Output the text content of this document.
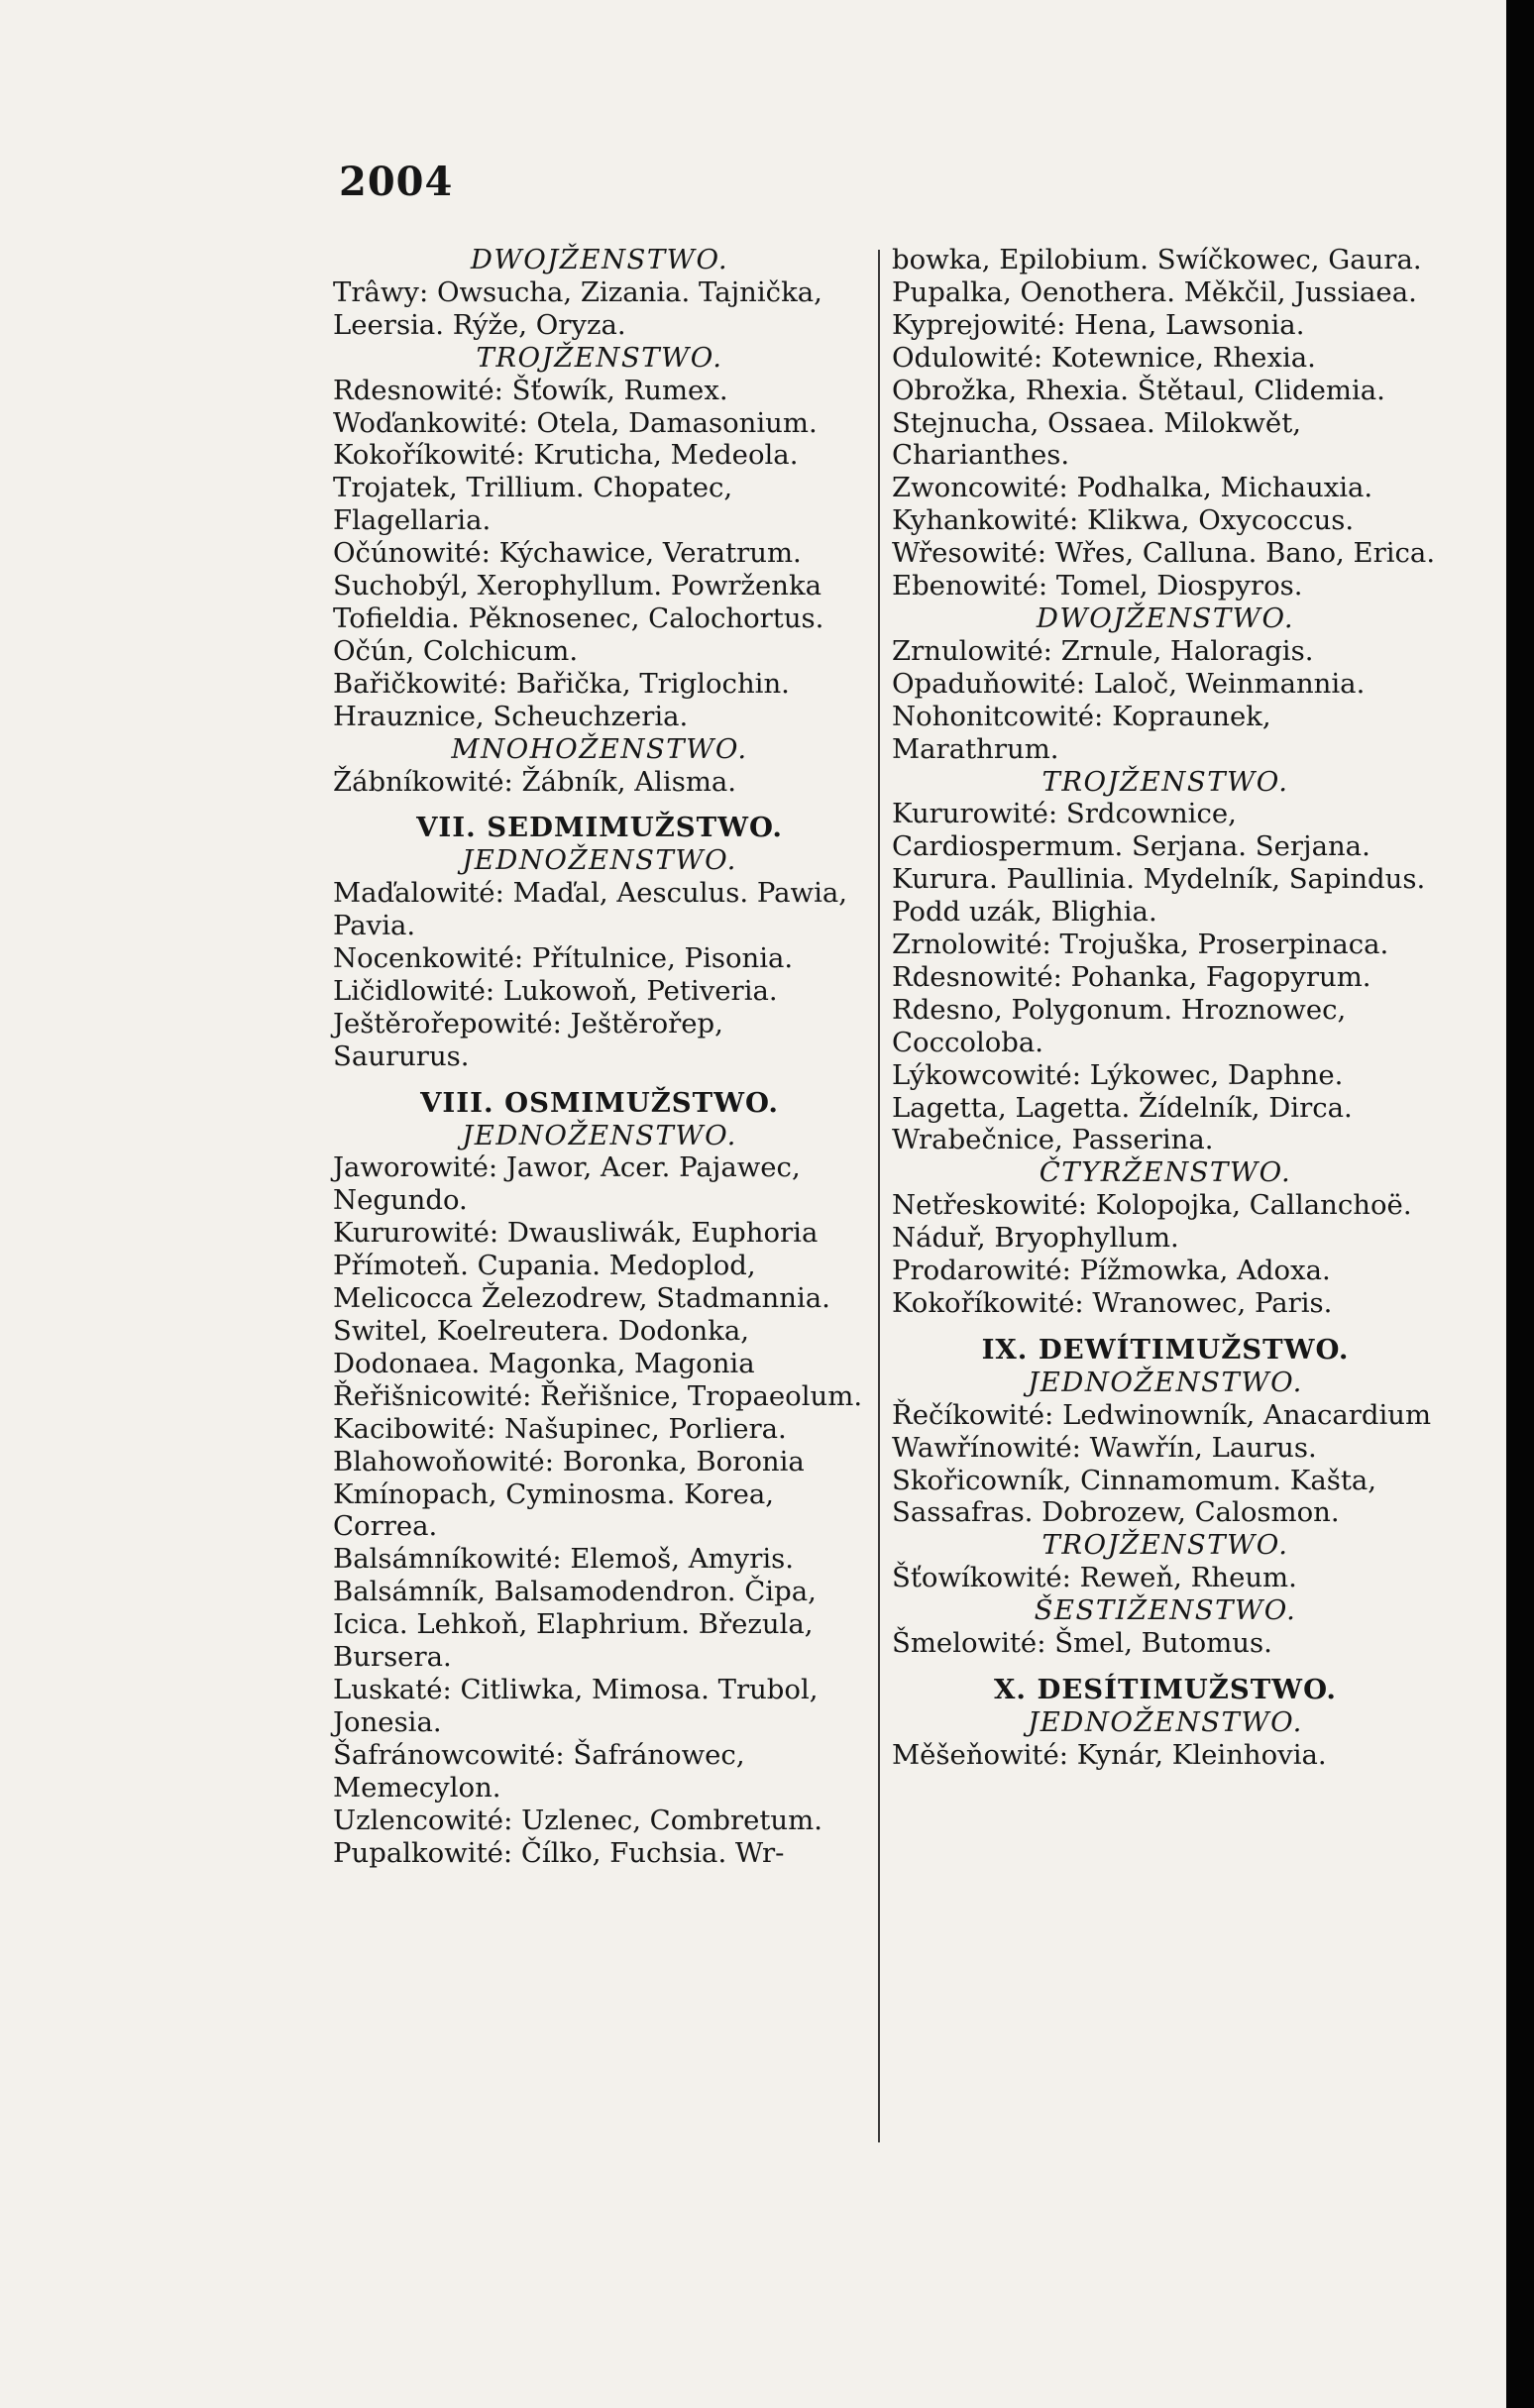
2004
DWOJŽENSTWO.
Trâwy: Owsucha, Zizania. Tajnička, Leersia. Rýže, Oryza.
TROJŽENSTWO.
Rdesnowité: Šťowík, Rumex.
Woďankowité: Otela, Damasonium.
Kokoříkowité: Kruticha, Medeola. Trojatek, Trillium. Chopatec, Flagellaria.
Očúnowité: Kýchawice, Veratrum. Suchobýl, Xerophyllum. Powrženka Tofieldia. Pěknosenec, Calochortus. Očún, Colchicum.
Bařičkowité: Bařička, Triglochin. Hrauznice, Scheuchzeria.
MNOHOŽENSTWO.
Žábníkowité: Žábník, Alisma.
VII. SEDMIMUŽSTWO.
JEDNOŽENSTWO.
Maďalowité: Maďal, Aesculus. Pawia, Pavia.
Nocenkowité: Přítulnice, Pisonia.
Ličidlowité: Lukowoň, Petiveria.
Ještěrořepowité: Ještěrořep, Saururus.
VIII. OSMIMUŽSTWO.
JEDNOŽENSTWO.
Jaworowité: Jawor, Acer. Pajawec, Negundo.
Kururowité: Dwausliwák, Euphoria Přímoteň. Cupania. Medoplod, Melicocca Železodrew, Stadmannia. Switel, Koelreutera. Dodonka, Dodonaea. Magonka, Magonia
Řeřišnicowité: Řeřišnice, Tropaeolum.
Kacibowité: Našupinec, Porliera.
Blahowoňowité: Boronka, Boronia Kmínopach, Cyminosma. Korea, Correa.
Balsámníkowité: Elemoš, Amyris. Balsámník, Balsamodendron. Čipa, Icica. Lehkoň, Elaphrium. Březula, Bursera.
Luskaté: Citliwka, Mimosa. Trubol, Jonesia.
Šafránowcowité: Šafránowec, Memecylon.
Uzlencowité: Uzlenec, Combretum.
Pupalkowité: Čílko, Fuchsia. Wr-
bowka, Epilobium. Swíčkowec, Gaura. Pupalka, Oenothera. Měkčil, Jussiaea.
Kyprejowité: Hena, Lawsonia.
Odulowité: Kotewnice, Rhexia. Obrožka, Rhexia. Štětaul, Clidemia. Stejnucha, Ossaea. Milokwět, Charianthes.
Zwoncowité: Podhalka, Michauxia.
Kyhankowité: Klikwa, Oxycoccus.
Wřesowité: Wřes, Calluna. Bano, Erica.
Ebenowité: Tomel, Diospyros.
DWOJŽENSTWO.
Zrnulowité: Zrnule, Haloragis.
Opaduňowité: Laloč, Weinmannia.
Nohonitcowité: Kopraunek, Marathrum.
TROJŽENSTWO.
Kururowité: Srdcownice, Cardiospermum. Serjana. Serjana. Kurura. Paullinia. Mydelník, Sapindus. Podd uzák, Blighia.
Zrnolowité: Trojuška, Proserpinaca.
Rdesnowité: Pohanka, Fagopyrum. Rdesno, Polygonum. Hroznowec, Coccoloba.
Lýkowcowité: Lýkowec, Daphne. Lagetta, Lagetta. Žídelník, Dirca. Wrabečnice, Passerina.
ČTYRŽENSTWO.
Netřeskowité: Kolopojka, Callanchoë. Náduř, Bryophyllum.
Prodarowité: Pížmowka, Adoxa.
Kokoříkowité: Wranowec, Paris.
IX. DEWÍTIMUŽSTWO.
JEDNOŽENSTWO.
Řečíkowité: Ledwinowník, Anacardium
Wawřínowité: Wawřín, Laurus. Skořicowník, Cinnamomum. Kašta, Sassafras. Dobrozew, Calosmon.
TROJŽENSTWO.
Šťowíkowité: Reweň, Rheum.
ŠESTIŽENSTWO.
Šmelowité: Šmel, Butomus.
X. DESÍTIMUŽSTWO.
JEDNOŽENSTWO.
Měšeňowité: Kynár, Kleinhovia.
